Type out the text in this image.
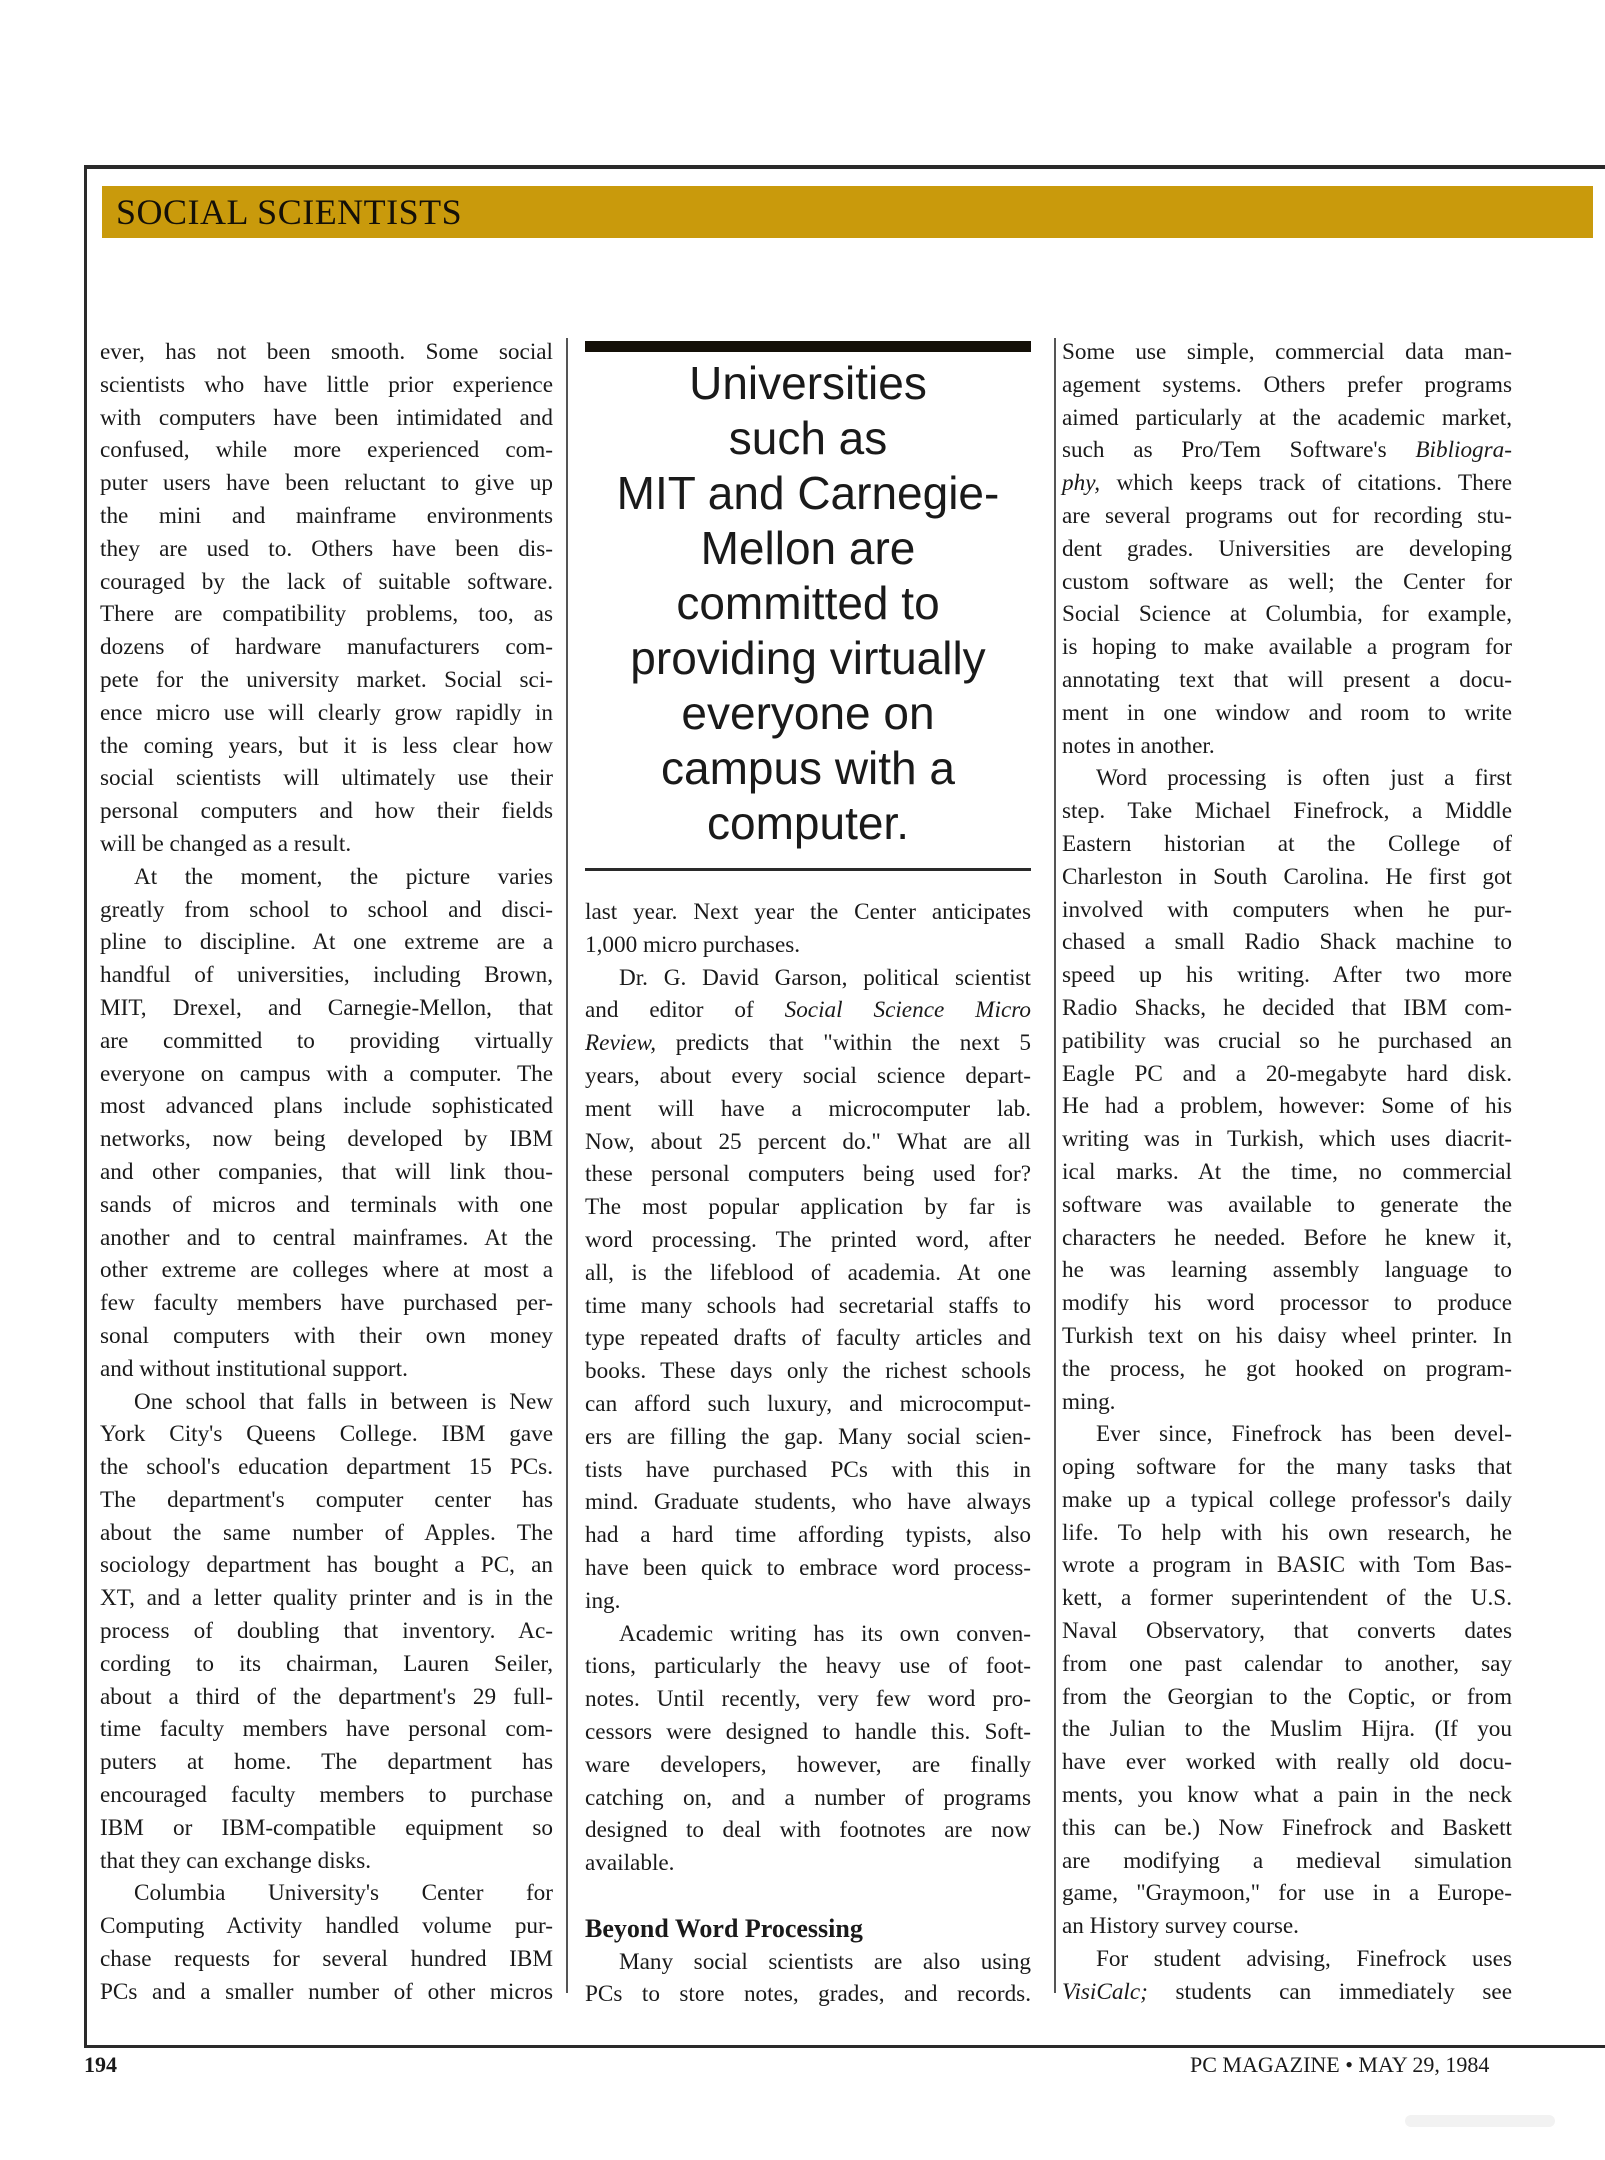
SOCIAL SCIENTISTS
ever, has not been smooth. Some social
scientists who have little prior experience
with computers have been intimidated and
confused, while more experienced com-
puter users have been reluctant to give up
the mini and mainframe environments
they are used to. Others have been dis-
couraged by the lack of suitable software.
There are compatibility problems, too, as
dozens of hardware manufacturers com-
pete for the university market. Social sci-
ence micro use will clearly grow rapidly in
the coming years, but it is less clear how
social scientists will ultimately use their
personal computers and how their fields
will be changed as a result.
At the moment, the picture varies
greatly from school to school and disci-
pline to discipline. At one extreme are a
handful of universities, including Brown,
MIT, Drexel, and Carnegie-Mellon, that
are committed to providing virtually
everyone on campus with a computer. The
most advanced plans include sophisticated
networks, now being developed by IBM
and other companies, that will link thou-
sands of micros and terminals with one
another and to central mainframes. At the
other extreme are colleges where at most a
few faculty members have purchased per-
sonal computers with their own money
and without institutional support.
One school that falls in between is New
York City's Queens College. IBM gave
the school's education department 15 PCs.
The department's computer center has
about the same number of Apples. The
sociology department has bought a PC, an
XT, and a letter quality printer and is in the
process of doubling that inventory. Ac-
cording to its chairman, Lauren Seiler,
about a third of the department's 29 full-
time faculty members have personal com-
puters at home. The department has
encouraged faculty members to purchase
IBM or IBM-compatible equipment so
that they can exchange disks.
Columbia University's Center for
Computing Activity handled volume pur-
chase requests for several hundred IBM
PCs and a smaller number of other micros
Universities
such as
MIT and Carnegie-
Mellon are
committed to
providing virtually
everyone on
campus with a
computer.
last year. Next year the Center anticipates
1,000 micro purchases.
Dr. G. David Garson, political scientist
and editor of Social Science Micro
Review, predicts that "within the next 5
years, about every social science depart-
ment will have a microcomputer lab.
Now, about 25 percent do." What are all
these personal computers being used for?
The most popular application by far is
word processing. The printed word, after
all, is the lifeblood of academia. At one
time many schools had secretarial staffs to
type repeated drafts of faculty articles and
books. These days only the richest schools
can afford such luxury, and microcomput-
ers are filling the gap. Many social scien-
tists have purchased PCs with this in
mind. Graduate students, who have always
had a hard time affording typists, also
have been quick to embrace word process-
ing.
Academic writing has its own conven-
tions, particularly the heavy use of foot-
notes. Until recently, very few word pro-
cessors were designed to handle this. Soft-
ware developers, however, are finally
catching on, and a number of programs
designed to deal with footnotes are now
available.
Beyond Word Processing
Many social scientists are also using
PCs to store notes, grades, and records.
Some use simple, commercial data man-
agement systems. Others prefer programs
aimed particularly at the academic market,
such as Pro/Tem Software's Bibliogra-
phy, which keeps track of citations. There
are several programs out for recording stu-
dent grades. Universities are developing
custom software as well; the Center for
Social Science at Columbia, for example,
is hoping to make available a program for
annotating text that will present a docu-
ment in one window and room to write
notes in another.
Word processing is often just a first
step. Take Michael Finefrock, a Middle
Eastern historian at the College of
Charleston in South Carolina. He first got
involved with computers when he pur-
chased a small Radio Shack machine to
speed up his writing. After two more
Radio Shacks, he decided that IBM com-
patibility was crucial so he purchased an
Eagle PC and a 20-megabyte hard disk.
He had a problem, however: Some of his
writing was in Turkish, which uses diacrit-
ical marks. At the time, no commercial
software was available to generate the
characters he needed. Before he knew it,
he was learning assembly language to
modify his word processor to produce
Turkish text on his daisy wheel printer. In
the process, he got hooked on program-
ming.
Ever since, Finefrock has been devel-
oping software for the many tasks that
make up a typical college professor's daily
life. To help with his own research, he
wrote a program in BASIC with Tom Bas-
kett, a former superintendent of the U.S.
Naval Observatory, that converts dates
from one past calendar to another, say
from the Georgian to the Coptic, or from
the Julian to the Muslim Hijra. (If you
have ever worked with really old docu-
ments, you know what a pain in the neck
this can be.) Now Finefrock and Baskett
are modifying a medieval simulation
game, "Graymoon," for use in a Europe-
an History survey course.
For student advising, Finefrock uses
VisiCalc; students can immediately see
194	PC MAGAZINE • MAY 29, 1984
